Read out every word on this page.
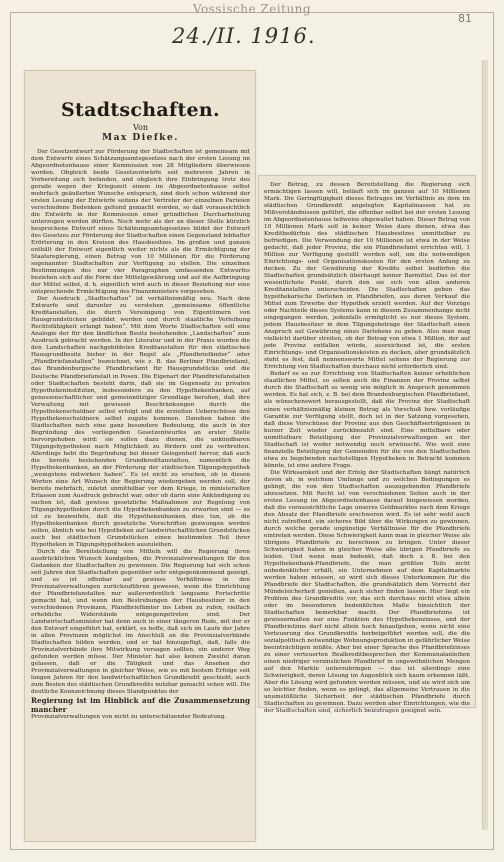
Vossische Zeitung
81
24./II. 1916.
Stadtschaften.
Von
Max Diefke.

Der Gesetzentwurf zur Förderung der Stadtschaften ist gemeinsam mit dem Entwurfe eines Schätzungsamtsgesetzes nach der ersten Lesung im Abgeordnetenhause einer Kommission von 28 Mitgliedern überwiesen worden. Obgleich beide Gesetzentwürfe seit mehreren Jahren in Vorbereitung sich befanden, und obgleich ihre Einbringung trotz des gerade wegen der Kriegszeit einem im Abgeordnetenhause selbst mehrfach geäußerten Wunsche entsprach, sind doch schon während der ersten Lesung der Entwürfe seitens der Vertreter der einzelnen Parteien verschiedene Bedenken geltend gemacht worden, so daß voraussichtlich die Entwürfe in der Kommission einer gründlichen Durcharbeitung unterzogen werden dürften. Noch mehr als der an dieser Stelle kürzlich besprochene Entwurf eines Schätzungsamtsgesetzes bildet der Entwurf des Gesetzes zur Förderung der Stadtschaften einen Gegenstand lebhafter Erörterung in den Kreisen des Hausbesitzes. Im großen und ganzen enthält der Entwurf eigentlich weiter nichts als die Ermächtigung der Staatsregierung, einen Betrag von 10 Millionen für die Förderung sogenannter Stadtschaften zur Verfügung zu stellen. Die einzelnen Bestimmungen des nur vier Paragraphen umfassenden Entwurfes beziehen sich auf die Form der Mittelgewährung und auf die Aufbringung der Mittel selbst, d. h. eigentlich wird auch in dieser Beziehung nur eine entsprechende Ermächtigung des Finanzministers vorgesehen.

Der Ausdruck „Stadtschaften“ ist verhältnismäßig neu. Nach dem Entwurfe sind darunter zu verstehen „gemeinsame öffentliche Kreditanstalten, die durch Vereinigung von Eigentümern von Hausgrundstücken gebildet werden und durch staatliche Verleihung Rechtsfähigkeit erlangt haben“. Mit dem Worte Stadtschaften soll eine Analogie der für den ländlichen Besitz bestehenden „Landschaften“ zum Ausdruck gebracht werden. In der Literatur und in der Praxis wurden die den Landschaften nachgebildeten Kreditanstalten für den städtischen Hausgrundbesitz bisher in der Regel als „Pfandbriefämter“ oder „Pfandbriefanstalten“ bezeichnet, wie z. B. das Berliner Pfandbriefamt, das Brandenburgische Pfandbriefamt für Hausgrundstücke und die Deutsche Pfandbriefanstalt in Posen. Die Eigenart der Pfandbriefanstalten oder Stadtschaften besteht darin, daß sie im Gegensatz zu privaten Hypothekeninstituten, insbesondere zu den Hypothekenbanken, auf genossenschaftlicher und gemeinnütziger Grundlage beruhen, daß ihre Verwaltung mit gewissen Beschränkungen durch die Hypothekenschuldner selbst erfolgt und die erzielten Ueberschüsse den Hypothekenschuldnern selbst zugute kommen. Daneben haben die Stadtschaften noch eine ganz besondere Bedeutung, die auch in der Begründung des vorliegenden Gesetzentwurfes an erster Stelle hervorgehoben wird: sie sollen dazu dienen, die unkündbaren Tilgungshypotheken nach Möglichkeit zu fördern und zu verbreiten. Allerdings hebt die Begründung bei dieser Gelegenheit hervor, daß auch die bereits bestehenden Grundkreditanstalten, namentlich die Hypothekenbanken, an der Förderung der städtischen Tilgungshypothek „wenigstens mitwirken haben“. Es ist nicht zu ersehen, ob in diesen Worten eine Art Wunsch der Regierung wiedergeben werden soll, der bereits mehrfach, zuletzt unmittelbar vor dem Kriege, in ministeriellen Erlassen zum Ausdruck gebracht war, oder ob darin eine Ankündigung zu suchen ist, daß gewisse gesetzliche Maßnahmen zur Regelung von Tilgungshypotheken durch die Hypothekenbanken zu erwarten sind — es ist zu bezweifeln, daß die Hypothekenbanken dies tun, ob die Hypothekenbanken durch gesetzliche Vorschriften gezwungen werden sollen, ähnlich wie bei Hypotheken auf landwirtschaftlichen Grundstücken auch bei städtischen Grundstücken einen bestimmten Teil ihrer Hypotheken in Tilgungshypotheken auszuleihen.

Durch die Bereitstellung von Mitteln will die Regierung ihren ausdrücklichen Wunsch kundgeben, die Provinzialverwaltungen für den Gedanken der Stadtschaften zu gewinnen. Die Regierung hat sich schon seit Jahren den Stadtschaften gegenüber sehr entgegenkommend gezeigt, und es ist offenbar auf gewisse Verhältnisse in den Provinzialverwaltungen zurückzuführen gewesen, wenn die Einrichtung der Pfandbriefanstalten nur außerordentlich langsame Fortschritte gemacht hat, und wenn den Bestrebungen der Hausbesitzer in den verschiedenen Provinzen, Pfandbriefämter ins Leben zu rufen, vielfach erhebliche Widerstände entgegengetreten sind. Der Landwirtschaftsminister hat denn auch in einer längeren Rede, mit der er den Entwurf eingeführt hat, erklärt, es hoffe, daß sich im Laufe der Jahre in allen Provinzen möglichst im Anschluß an die Provinzialverbände Stadtschaften bilden werden, und er hat hinzugefügt, daß, falls die Provinzialverbände ihre Mitwirkung versagen sollten, ein anderer Weg gefunden werden müsse. Der Minister hat also keinen Zweifel daran gelassen, daß er die Tätigkeit und das Ansehen der Provinzialverwaltungen in gleicher Weise, wie es mit bestem Erfolge seit langen Jahren für den landwirtschaftlichen Grundkredit geschieht, auch zum Besten des städtischen Grundkredits nutzbar gemacht sehen will. Die deutliche Kennzeichnung dieses Standpunktes der

Regierung ist im Hinblick auf die Zusammensetzung mancher
Provinzialverwaltungen von nicht zu unterschätzender Bedeutung.

Der Betrag, zu dessen Bereitstellung die Regierung sich ermächtigen lassen will, beläuft sich im ganzen auf 10 Millionen Mark. Die Geringfügigkeit dieses Betrages im Verhältnis zu dem im städtischen Grundkredit angelegten Kapitalmassen hat zu Mißverständnissen geführt, die offenbar selbst bei der ersten Lesung im Abgeordnetenhause teilweise obgewaltet haben. Dieser Betrag von 10 Millionen Mark soll in keiner Weise dazu dienen, etwa das Kreditbedürfnis des städtischen Hausbesitzes unmittelbar zu befriedigen. Die Verwendung der 10 Millionen ist etwa in der Weise gedacht, daß jeder Provinz, die ein Pfandbriefamt errichten will, 1 Million zur Verfügung gestellt werden soll, um die notwendigen Einrichtungs- und Organisationskosten für den ersten Anfang zu decken. Zu der Gewährung der Kredite selbst bedürfen die Stadtschaften grundsätzlich überhaupt keiner Barmittel. Das ist der wesentlichste Punkt, durch den sie sich von allen anderen Kreditanstalten unterscheiden. Die Stadtschaften geben das hypothekarische Darlehen in Pfandbriefen, aus deren Verkauf die Mittel zum Erwerbe der Hypothek erzielt werden. Auf der Vorzüge oder Nachteile dieses Systems kann in diesem Zusammenhange nicht eingegangen werden, jedenfalls ermöglicht es nur dieses System, jedem Hausbesitzer in dem Tilgungsbetrage der Stadtschaft einen Anspruch auf Gewährung eines Darlehens zu geben. Also man mag vielleicht darüber streiten, ob der Betrag von etwa 1 Million, der auf jede Provinz entfallen würde, ausreichend ist, die ersten Einrichtungs- und Organisationskosten zu decken, aber grundsätzlich steht es fest, daß nennenswerte Mittel seitens der Regierung zur Errichtung von Stadtschaften durchaus nicht erforderlich sind.

Bedarf es so zur Errichtung von Stadtschaften keiner erheblichen staatlichen Mittel, so sollen auch die Finanzen der Provinz selbst durch die Stadtschaft so wenig wie möglich in Anspruch genommen werden. Es hat sich, z. B. bei dem Brandenburgischen Pfandbriefamt, als wünschenswert herausgestellt, daß die Provinz der Stadtschaft einen verhältnismäßig kleinen Betrag als Vorschuß bzw. vorläufige Garantie zur Verfügung stellt, doch ist in der Satzung vorgesehen, daß diese Vorschüsse der Provinz aus den Geschäftserträgnissen in kurzer Zeit wieder zurückbezahlt sind. Eine mittelbare oder unmittelbare Beteiligung der Provinzialverwaltungen an der Stadtschaft ist weder notwendig noch erwünscht. Wie weit eine finanzielle Beteiligung der Gemeinden für die von den Stadtschaften etwa zu begebenden nachstelligen Hypotheken in Betracht kommen könnte, ist eine andere Frage.

Die Wirksamkeit und der Erfolg der Stadtschaften hängt natürlich davon ab, in welchem Umfange und zu welchen Bedingungen es gelingt, die von den Stadtschaften auszugebenden Pfandbriefe abzusetzen. Mit Recht ist von verschiedenen Seiten auch in der ersten Lesung im Abgeordnetenhause darauf hingewiesen worden, daß die voraussichtliche Lage unseres Geldmarktes nach dem Kriege den Absatz der Pfandbriefe erschweren wird. Es ist sehr wohl auch nicht zutreffend, ein sicheres Bild über die Wirkungen zu gewinnen, durch welche gerade ungünstige Verhältnisse für die Pfandbriefe eintreten werden. Diese Schwierigkeit kann man in gleicher Weise als übrigens Pfandbriefe zu berechnen zu bringen. Unter dieser Schwierigkeit haben in gleicher Weise alle übrigen Pfandbriefe zu leiden. Und wenn man bedenkt, daß doch z. B. bei den Hypothekenbank-Pfandbriefe, die man größten Teils nicht unbedenklicher erhält, ein Unternehmen auf dem Kapitalmarkte werden haben müssen, so wird sich dieses Unterkommen für die Pfandbriefe der Stadtschaften, die grundsätzlich dem Vorrecht der Mündelsicherheit genießen, auch sicher finden lassen. Hier liegt ein Problem des Grundkredits vor, das sich durchaus nicht etwa allein oder im besonderen bedenklichen Maße hinsichtlich der Stadtschaften bemerkbar macht. Der Pfandbriefzins ist gewissermaßen nur eine Funktion des Hypothekenzinses, und der Pfandbriefzins darf nicht allein hoch hinaufgehen, wenn nicht eine Verteuerung des Grundkredits herbeigeführt werden soll, die die sozialpolitisch notwendige Wohnungsproduktion in gefährlicher Weise beeinträchtigen müßte. Aber bei einer Sprache des Pfandbriefzinses zu einer verteuerten Realkreditbesprechen der Kommunalanleihen einen niedriger verzinslichen Pfandbrief in ungewöhnlichen Mengen auf den Markte unterzubringen — das ist allerdings eine Schwierigkeit, deren Lösung im Augenblick sich kaum erkennen läßt. Aber die Lösung wird gefunden werden müssen, und sie wird sich um so leichter finden, wenn es gelingt, das allgemeine Vertrauen in die unumstößliche Sicherheit der städtischen Pfandbriefe durch Stadtschaften zu gewinnen. Dazu werden aber Einrichtungen, wie die der Stadtschaften sind, sicherlich beizutragen geeignet sein.
